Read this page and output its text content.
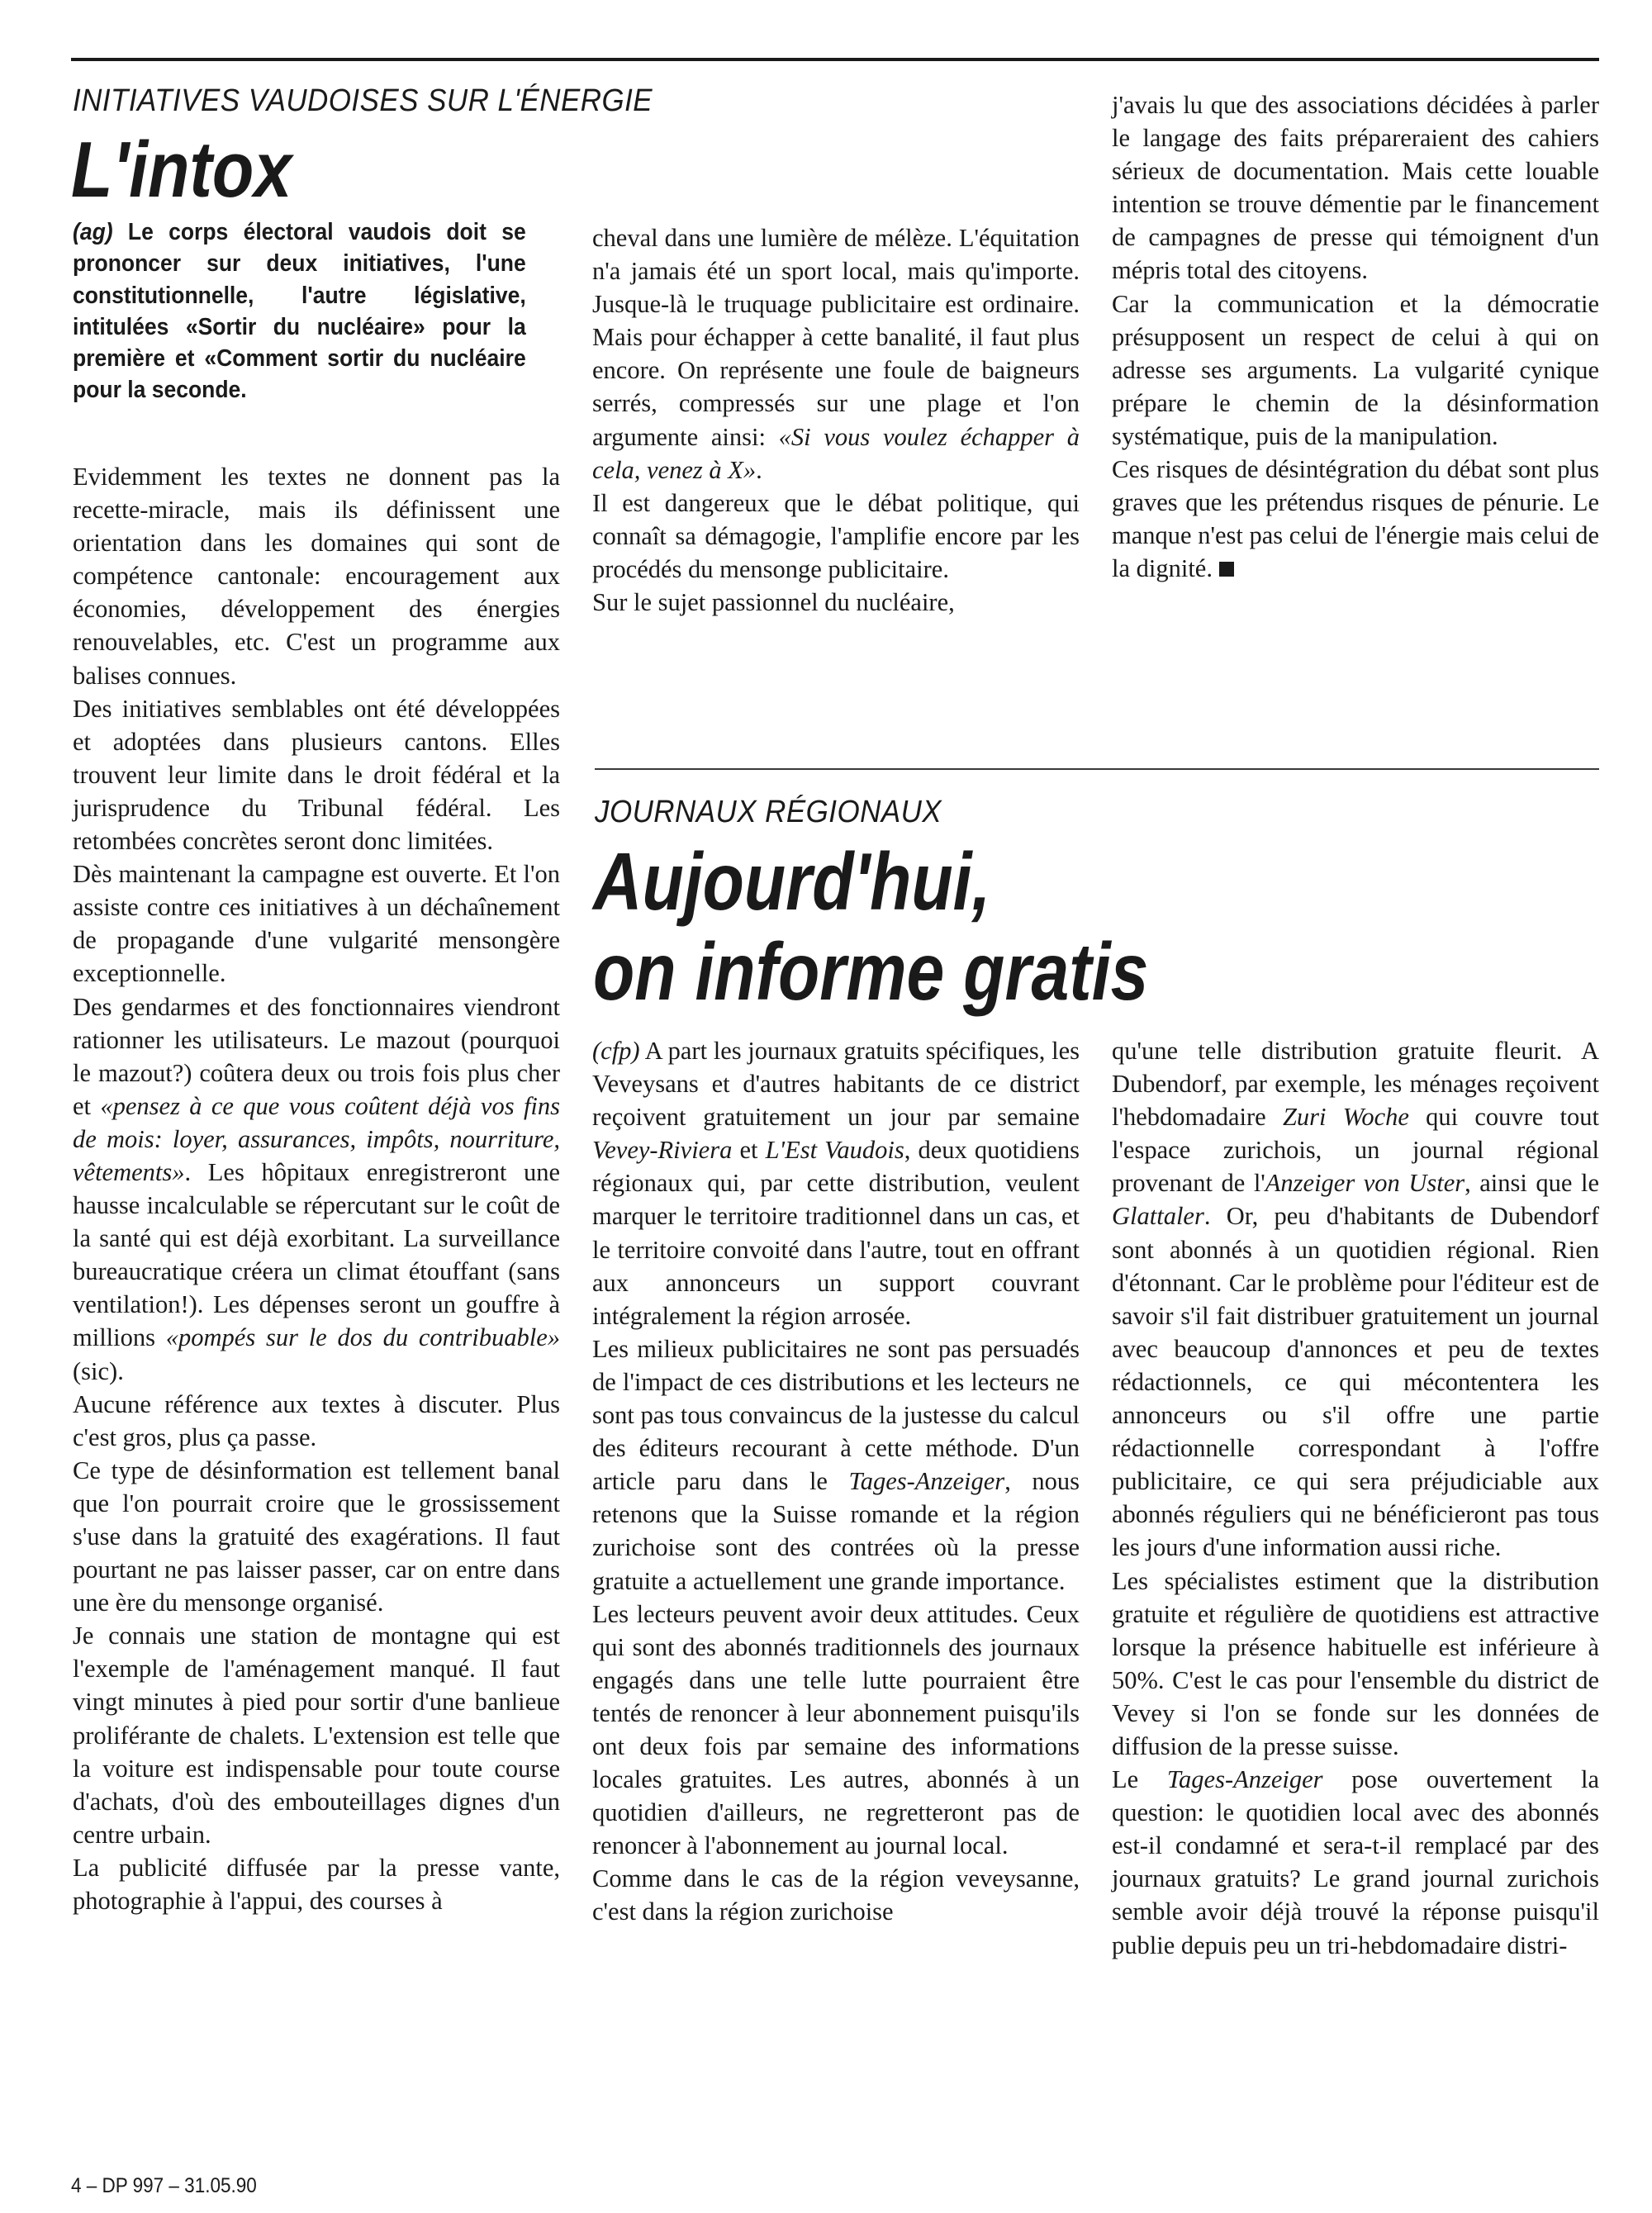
INITIATIVES VAUDOISES SUR L'ÉNERGIE
L'intox

(ag) Le corps électoral vaudois doit se prononcer sur deux initiatives, l'une constitutionnelle, l'autre législative, intitulées «Sortir du nucléaire» pour la première et «Comment sortir du nucléaire pour la seconde.

Evidemment les textes ne donnent pas la recette-miracle, mais ils définissent une orientation dans les domaines qui sont de compétence cantonale: encouragement aux économies, développement des énergies renouvelables, etc. C'est un programme aux balises connues.

Des initiatives semblables ont été développées et adoptées dans plusieurs cantons. Elles trouvent leur limite dans le droit fédéral et la jurisprudence du Tribunal fédéral. Les retombées concrètes seront donc limitées.

Dès maintenant la campagne est ouverte. Et l'on assiste contre ces initiatives à un déchaînement de propagande d'une vulgarité mensongère exceptionnelle.

Des gendarmes et des fonctionnaires viendront rationner les utilisateurs. Le mazout (pourquoi le mazout?) coûtera deux ou trois fois plus cher et «pensez à ce que vous coûtent déjà vos fins de mois: loyer, assurances, impôts, nourriture, vêtements». Les hôpitaux enregistreront une hausse incalculable se répercutant sur le coût de la santé qui est déjà exorbitant. La surveillance bureaucratique créera un climat étouffant (sans ventilation!). Les dépenses seront un gouffre à millions «pompés sur le dos du contribuable» (sic).

Aucune référence aux textes à discuter. Plus c'est gros, plus ça passe.

Ce type de désinformation est tellement banal que l'on pourrait croire que le grossissement s'use dans la gratuité des exagérations. Il faut pourtant ne pas laisser passer, car on entre dans une ère du mensonge organisé.

Je connais une station de montagne qui est l'exemple de l'aménagement manqué. Il faut vingt minutes à pied pour sortir d'une banlieue proliférante de chalets. L'extension est telle que la voiture est indispensable pour toute course d'achats, d'où des embouteillages dignes d'un centre urbain.

La publicité diffusée par la presse vante, photographie à l'appui, des courses à

cheval dans une lumière de mélèze. L'équitation n'a jamais été un sport local, mais qu'importe. Jusque-là le truquage publicitaire est ordinaire. Mais pour échapper à cette banalité, il faut plus encore. On représente une foule de baigneurs serrés, compressés sur une plage et l'on argumente ainsi: «Si vous voulez échapper à cela, venez à X».

Il est dangereux que le débat politique, qui connaît sa démagogie, l'amplifie encore par les procédés du mensonge publicitaire.

Sur le sujet passionnel du nucléaire,

j'avais lu que des associations décidées à parler le langage des faits prépareraient des cahiers sérieux de documentation. Mais cette louable intention se trouve démentie par le financement de campagnes de presse qui témoignent d'un mépris total des citoyens.

Car la communication et la démocratie présupposent un respect de celui à qui on adresse ses arguments. La vulgarité cynique prépare le chemin de la désinformation systématique, puis de la manipulation.

Ces risques de désintégration du débat sont plus graves que les prétendus risques de pénurie. Le manque n'est pas celui de l'énergie mais celui de la dignité.

JOURNAUX RÉGIONAUX
Aujourd'hui,
on informe gratis

(cfp) A part les journaux gratuits spécifiques, les Veveysans et d'autres habitants de ce district reçoivent gratuitement un jour par semaine Vevey-Riviera et L'Est Vaudois, deux quotidiens régionaux qui, par cette distribution, veulent marquer le territoire traditionnel dans un cas, et le territoire convoité dans l'autre, tout en offrant aux annonceurs un support couvrant intégralement la région arrosée.

Les milieux publicitaires ne sont pas persuadés de l'impact de ces distributions et les lecteurs ne sont pas tous convaincus de la justesse du calcul des éditeurs recourant à cette méthode. D'un article paru dans le Tages-Anzeiger, nous retenons que la Suisse romande et la région zurichoise sont des contrées où la presse gratuite a actuellement une grande importance.

Les lecteurs peuvent avoir deux attitudes. Ceux qui sont des abonnés traditionnels des journaux engagés dans une telle lutte pourraient être tentés de renoncer à leur abonnement puisqu'ils ont deux fois par semaine des informations locales gratuites. Les autres, abonnés à un quotidien d'ailleurs, ne regretteront pas de renoncer à l'abonnement au journal local.

Comme dans le cas de la région veveysanne, c'est dans la région zurichoise

qu'une telle distribution gratuite fleurit. A Dubendorf, par exemple, les ménages reçoivent l'hebdomadaire Zuri Woche qui couvre tout l'espace zurichois, un journal régional provenant de l'Anzeiger von Uster, ainsi que le Glattaler. Or, peu d'habitants de Dubendorf sont abonnés à un quotidien régional. Rien d'étonnant. Car le problème pour l'éditeur est de savoir s'il fait distribuer gratuitement un journal avec beaucoup d'annonces et peu de textes rédactionnels, ce qui mécontentera les annonceurs ou s'il offre une partie rédactionnelle correspondant à l'offre publicitaire, ce qui sera préjudiciable aux abonnés réguliers qui ne bénéficieront pas tous les jours d'une information aussi riche.

Les spécialistes estiment que la distribution gratuite et régulière de quotidiens est attractive lorsque la présence habituelle est inférieure à 50%. C'est le cas pour l'ensemble du district de Vevey si l'on se fonde sur les données de diffusion de la presse suisse.

Le Tages-Anzeiger pose ouvertement la question: le quotidien local avec des abonnés est-il condamné et sera-t-il remplacé par des journaux gratuits? Le grand journal zurichois semble avoir déjà trouvé la réponse puisqu'il publie depuis peu un tri-hebdomadaire distri-

4 – DP 997 – 31.05.90
